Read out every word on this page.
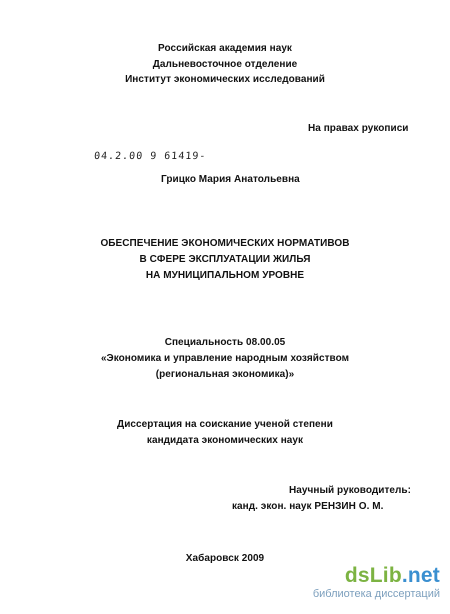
Российская академия наук
Дальневосточное отделение
Институт экономических исследований
На правах рукописи
04.2.00 9 61419-
Грицко Мария Анатольевна
ОБЕСПЕЧЕНИЕ ЭКОНОМИЧЕСКИХ НОРМАТИВОВ
В СФЕРЕ ЭКСПЛУАТАЦИИ ЖИЛЬЯ
НА МУНИЦИПАЛЬНОМ УРОВНЕ
Специальность 08.00.05
«Экономика и управление народным хозяйством
(региональная экономика)»
Диссертация на соискание ученой степени
кандидата экономических наук
Научный руководитель:
канд. экон. наук РЕНЗИН О. М.
Хабаровск 2009
dsLib.net
библиотека диссертаций
